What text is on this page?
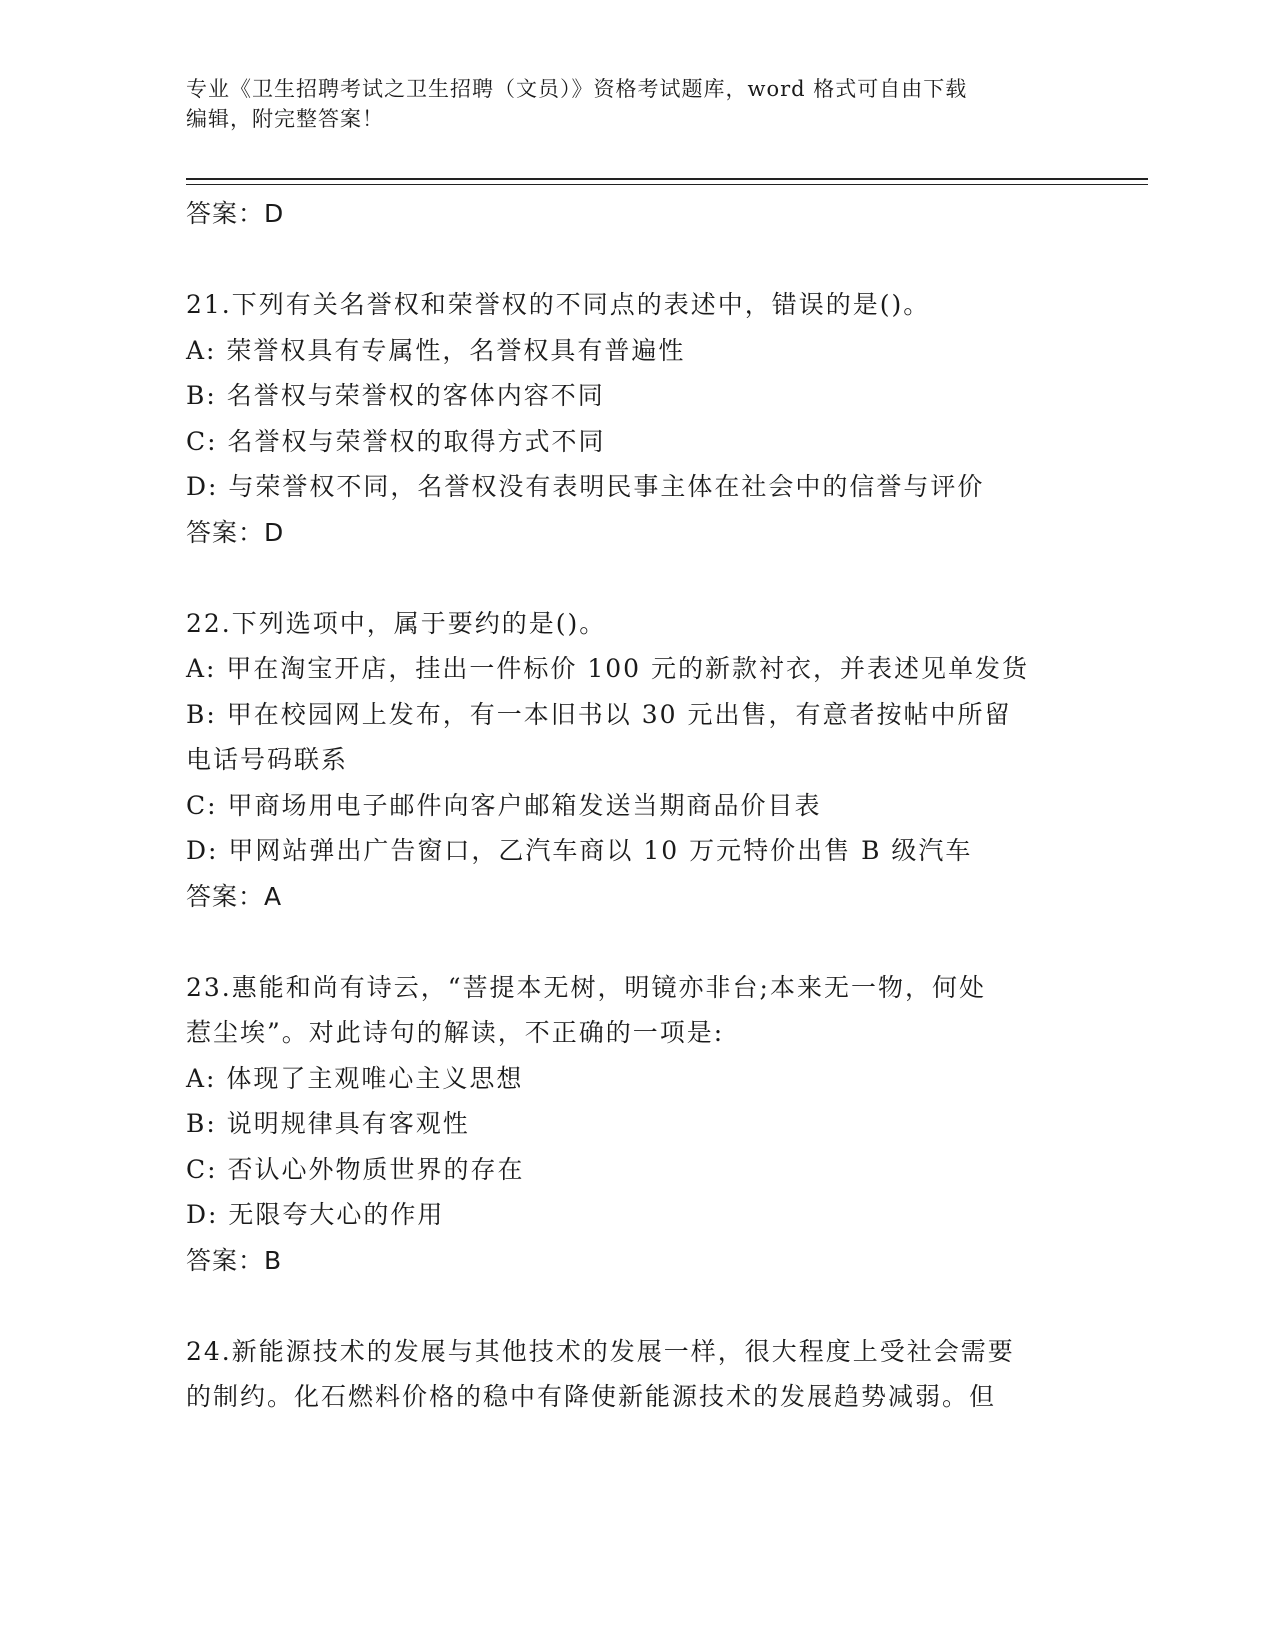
专业《卫生招聘考试之卫生招聘（文员）》资格考试题库，word 格式可自由下载
编辑，附完整答案！
答案：D
21.下列有关名誉权和荣誉权的不同点的表述中，错误的是()。
A: 荣誉权具有专属性，名誉权具有普遍性
B: 名誉权与荣誉权的客体内容不同
C: 名誉权与荣誉权的取得方式不同
D: 与荣誉权不同，名誉权没有表明民事主体在社会中的信誉与评价
答案：D
22.下列选项中，属于要约的是()。
A: 甲在淘宝开店，挂出一件标价 100 元的新款衬衣，并表述见单发货
B: 甲在校园网上发布，有一本旧书以 30 元出售，有意者按帖中所留
电话号码联系
C: 甲商场用电子邮件向客户邮箱发送当期商品价目表
D: 甲网站弹出广告窗口，乙汽车商以 10 万元特价出售 B 级汽车
答案：A
23.惠能和尚有诗云，“菩提本无树，明镜亦非台;本来无一物，何处
惹尘埃”。对此诗句的解读，不正确的一项是:
A: 体现了主观唯心主义思想
B: 说明规律具有客观性
C: 否认心外物质世界的存在
D: 无限夸大心的作用
答案：B
24.新能源技术的发展与其他技术的发展一样，很大程度上受社会需要
的制约。化石燃料价格的稳中有降使新能源技术的发展趋势减弱。但
